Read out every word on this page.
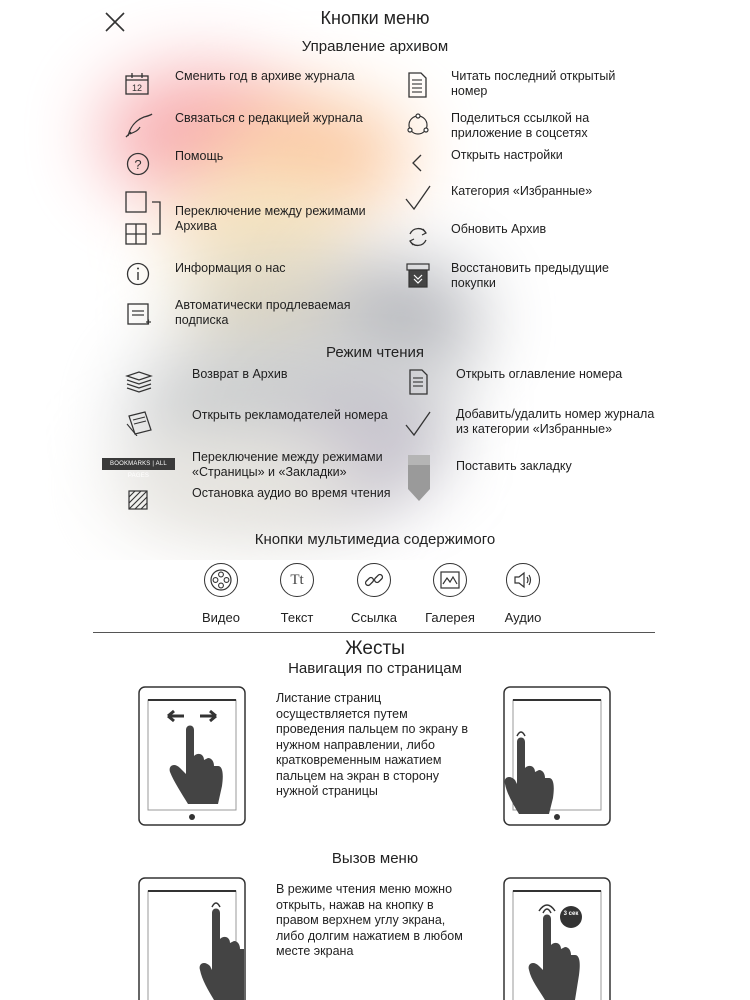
Кнопки меню
Управление архивом
12
Сменить год в архиве журнала
Связаться с редакцией журнала
?
Помощь
Переключение между режимами Архива
Информация о нас
Автоматически продлеваемая подписка
Читать последний открытый номер
Поделиться ссылкой на приложение в соцсетях
Открыть настройки
Категория «Избранные»
Обновить Архив
Восстановить предыдущие покупки
Режим чтения
Возврат в Архив
Открыть рекламодателей номера
BOOKMARKS | ALL PAGES
Переключение между режимами «Страницы» и «Закладки»
Остановка аудио во время чтения
Открыть оглавление номера
Добавить/удалить номер журнала из категории «Избранные»
Поставить закладку
Кнопки мультимедиа содержимого
Tt
Видео	Текст	Ссылка	Галерея	Аудио
Жесты
Навигация по страницам
Листание страниц осуществляется путем проведения пальцем по экрану в нужном направлении, либо кратковременным нажатием пальцем на экран в сторону нужной страницы
Вызов меню
В режиме чтения меню можно открыть, нажав на кнопку в правом верхнем углу экрана, либо долгим нажатием в любом месте экрана
3 сек
